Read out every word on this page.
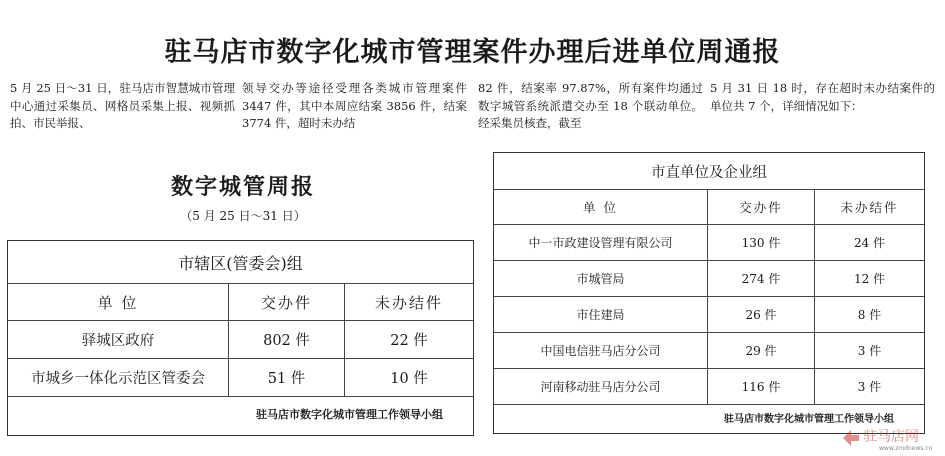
驻马店市数字化城市管理案件办理后进单位周通报
5 月 25 日～31 日，驻马店市智慧城市管理中心通过采集员、网格员采集上报、视频抓拍、市民举报、
领导交办等途径受理各类城市管理案件 3447 件，其中本周应结案 3856 件，结案 3774 件，超时未办结
82 件，结案率 97.87%，所有案件均通过数字城管系统派遣交办至 18 个联动单位。经采集员核查，截至
5 月 31 日 18 时，存在超时未办结案件的单位共 7 个，详细情况如下：
数字城管周报
（5 月 25 日～31 日）
市辖区(管委会)组		
单 位	交办件	未办结件
驿城区政府	802 件	22 件
市城乡一体化示范区管委会	51 件	10 件
驻马店市数字化城市管理工作领导小组		
市直单位及企业组		
单 位	交办件	未办结件
中一市政建设管理有限公司	130 件	24 件
市城管局	274 件	12 件
市住建局	26 件	8 件
中国电信驻马店分公司	29 件	3 件
河南移动驻马店分公司	116 件	3 件
驻马店市数字化城市管理工作领导小组		
驻马店网
www.zmdnews.cn
